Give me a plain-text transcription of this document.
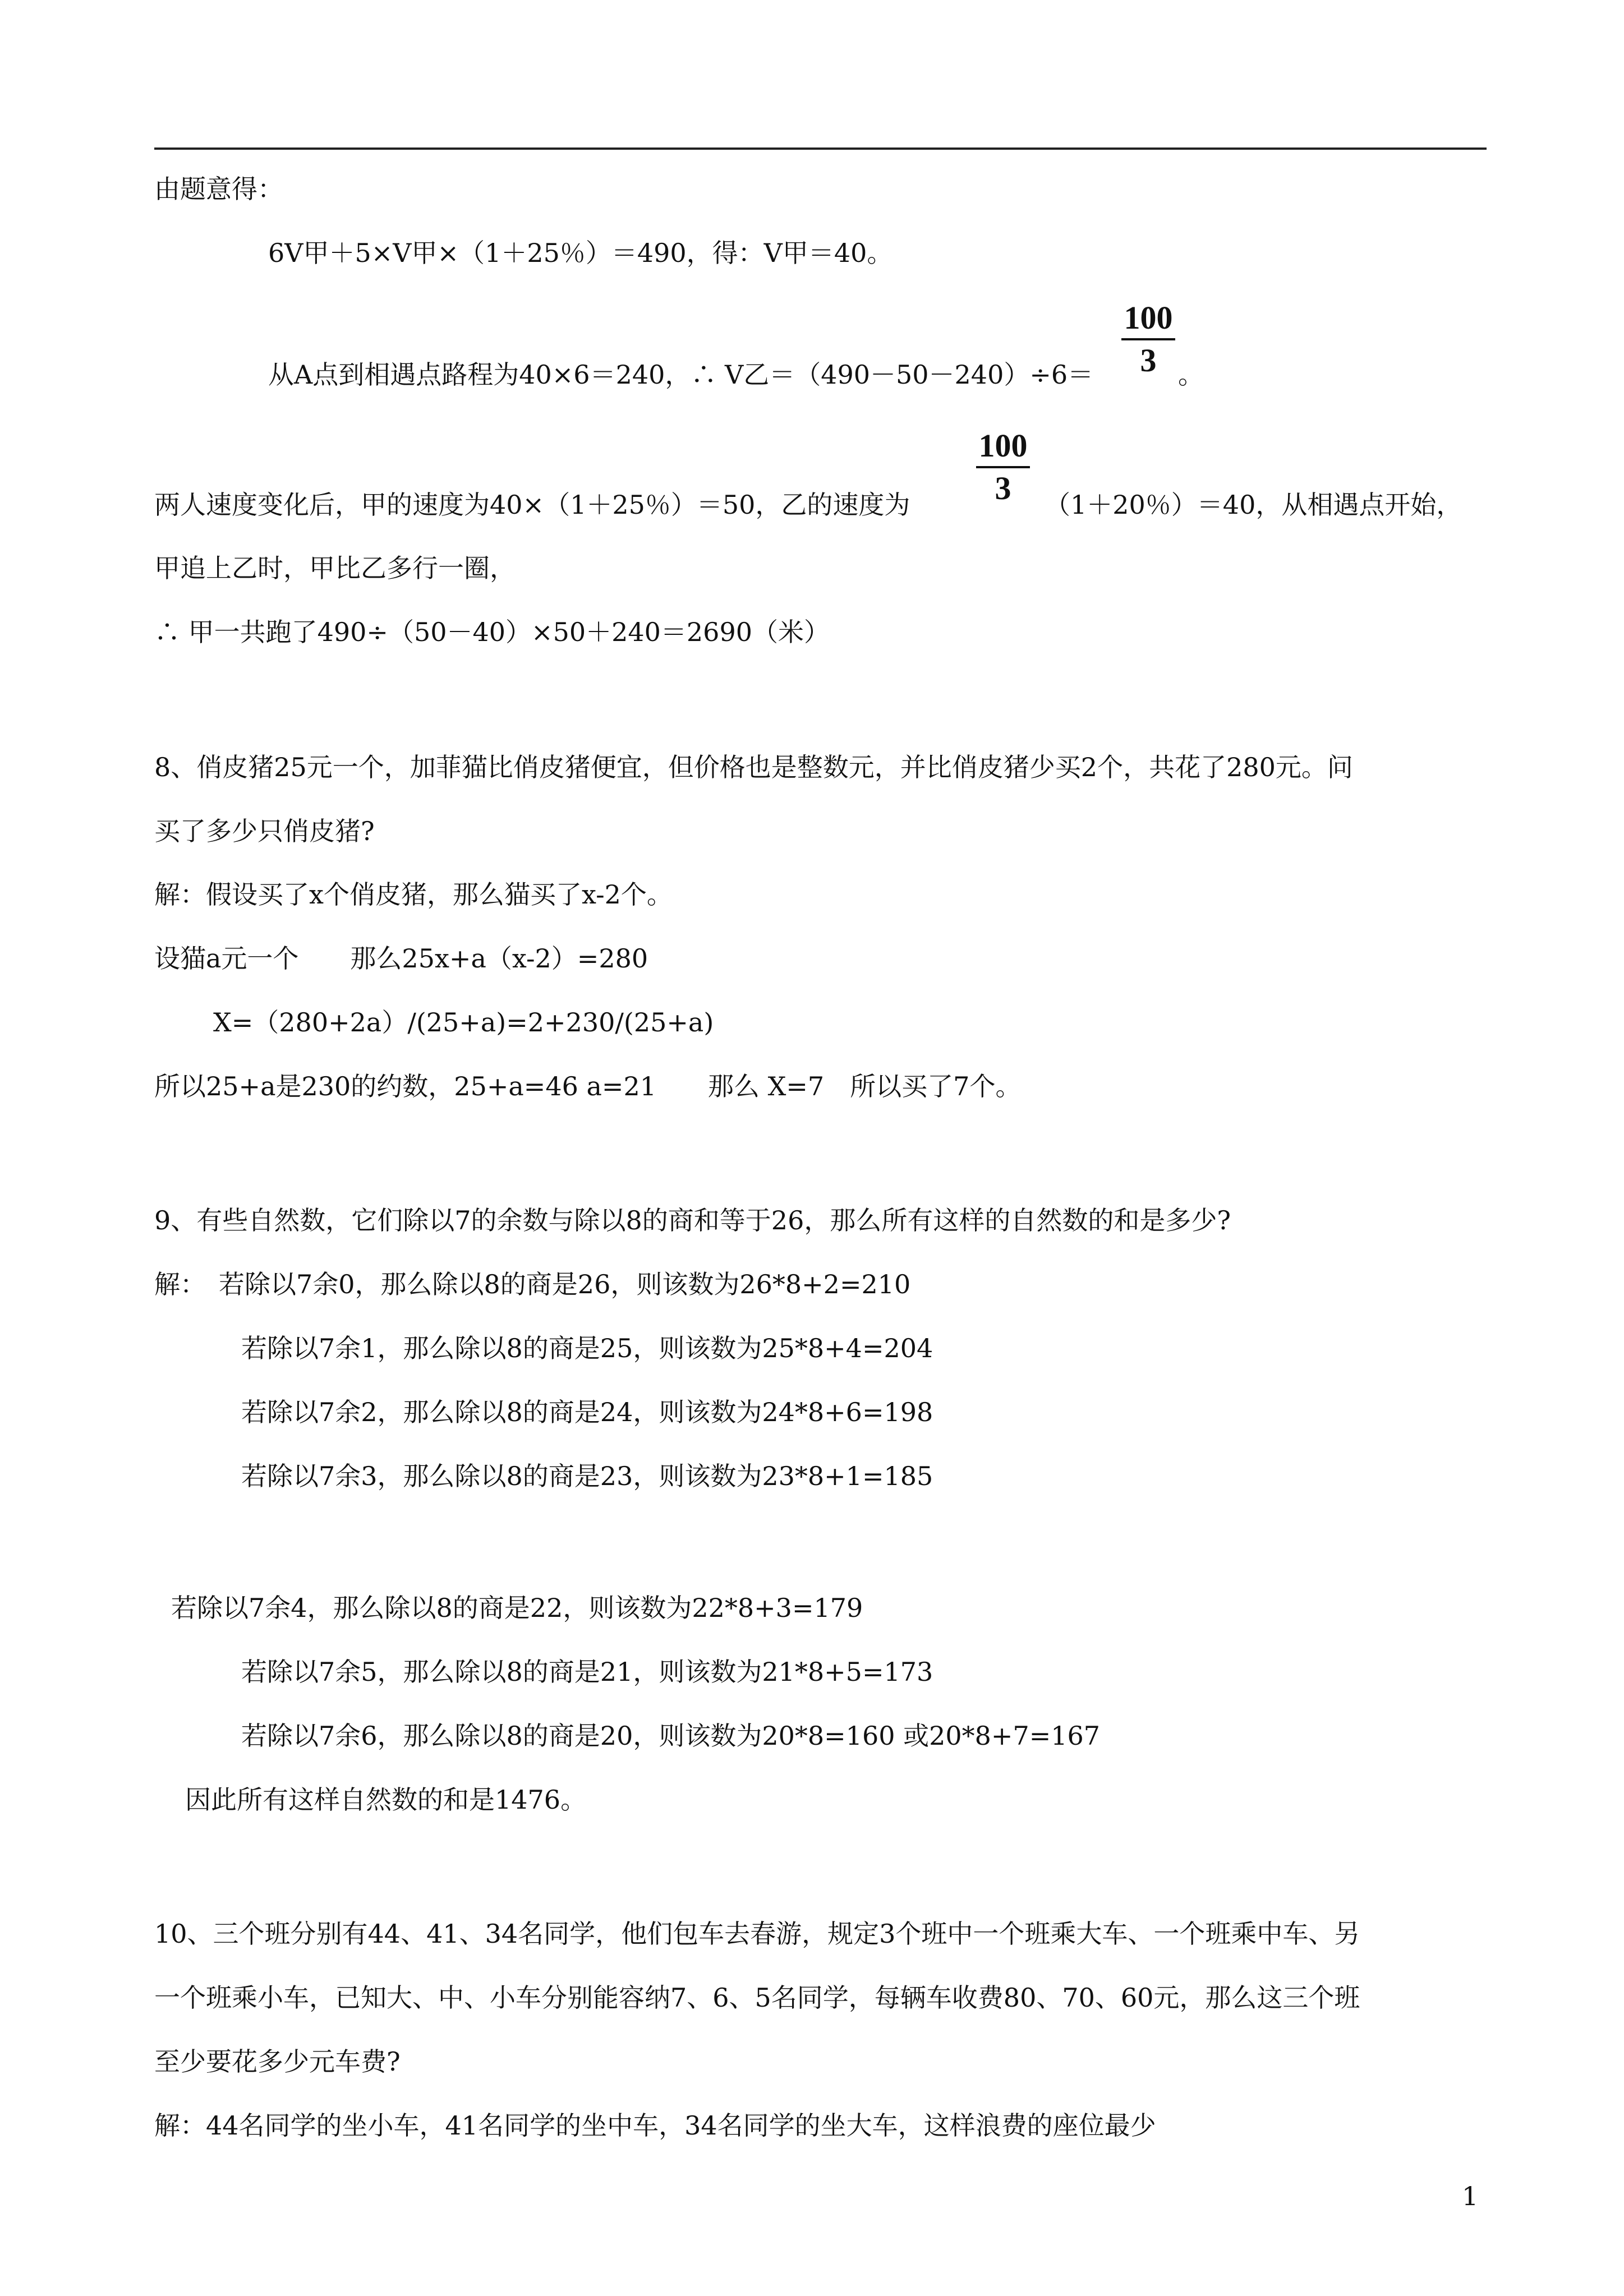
由题意得：
6V甲＋5×V甲×（1＋25％）＝490，得：V甲＝40。
从A点到相遇点路程为40×6＝240，∴ V乙＝（490－50－240）÷6＝
100
3 。
两人速度变化后，甲的速度为40×（1＋25％）＝50，乙的速度为
100
3	（1＋20％）＝40，从相遇点开始，
甲追上乙时，甲比乙多行一圈，
∴ 甲一共跑了490÷（50－40）×50＋240＝2690（米）
8、俏皮猪25元一个，加菲猫比俏皮猪便宜，但价格也是整数元，并比俏皮猪少买2个，共花了280元。问
买了多少只俏皮猪?
解：假设买了x个俏皮猪，那么猫买了x-2个。
设猫a元一个　　那么25x+a（x-2）=280
X=（280+2a）/(25+a)=2+230/(25+a)
所以25+a是230的约数，25+a=46 a=21　　那么 X=7　所以买了7个。
9、有些自然数，它们除以7的余数与除以8的商和等于26，那么所有这样的自然数的和是多少?
解：　若除以7余0，那么除以8的商是26，则该数为26*8+2=210
若除以7余1，那么除以8的商是25，则该数为25*8+4=204
若除以7余2，那么除以8的商是24，则该数为24*8+6=198
若除以7余3，那么除以8的商是23，则该数为23*8+1=185
若除以7余4，那么除以8的商是22，则该数为22*8+3=179
若除以7余5，那么除以8的商是21，则该数为21*8+5=173
若除以7余6，那么除以8的商是20，则该数为20*8=160 或20*8+7=167
因此所有这样自然数的和是1476。
10、三个班分别有44、41、34名同学，他们包车去春游，规定3个班中一个班乘大车、一个班乘中车、另
一个班乘小车，已知大、中、小车分别能容纳7、6、5名同学，每辆车收费80、70、60元，那么这三个班
至少要花多少元车费?
解：44名同学的坐小车，41名同学的坐中车，34名同学的坐大车，这样浪费的座位最少
1
